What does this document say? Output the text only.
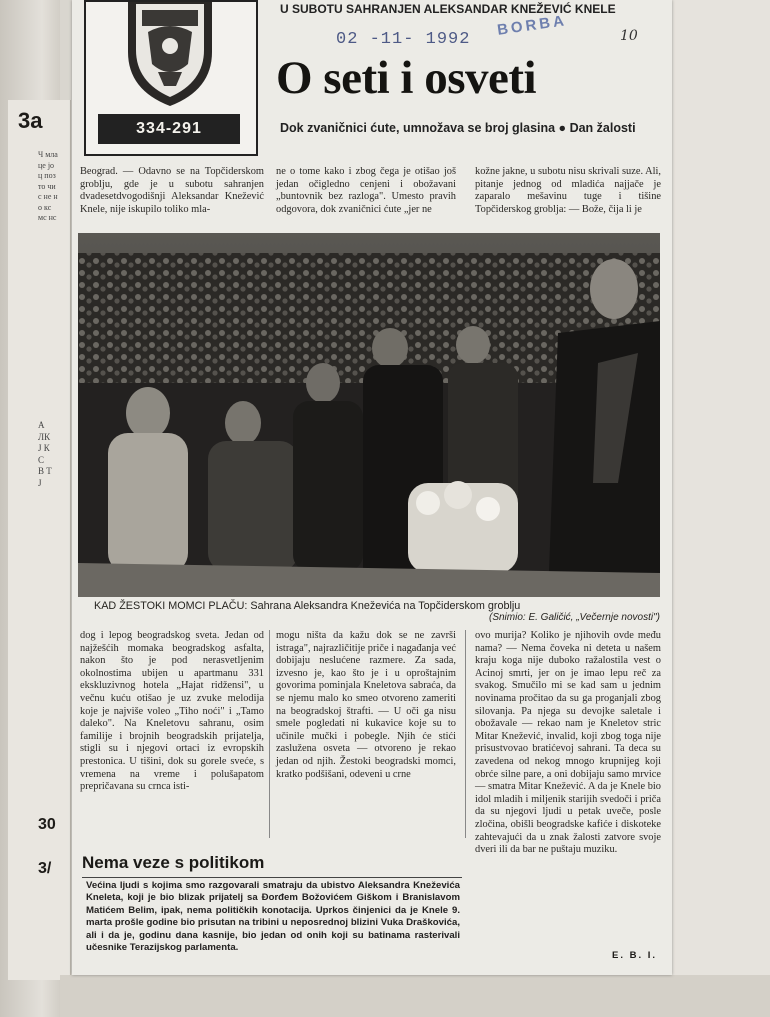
3a
Ч мла це јоц поз то чис не но кс мс нс
А ЛК Ј К С В Т Ј
30
3/
334-291
U SUBOTU SAHRANJEN ALEKSANDAR KNEŽEVIĆ KNELE
02 -11- 1992
BORBA	10
O seti i osveti
Dok zvaničnici ćute, umnožava se broj glasina ● Dan žalosti
Beograd. — Odavno se na Topčiderskom groblju, gde je u subotu sahranjen dvadesetdvogodišnji Aleksandar Knežević Knele, nije iskupilo toliko mla-
ne o tome kako i zbog čega je otišao još jedan očigledno cenjeni i obožavani „buntovnik bez razloga". Umesto pravih odgovora, dok zvaničnici ćute „jer ne
kožne jakne, u subotu nisu skrivali suze. Ali, pitanje jednog od mladića najjače je zaparalo mešavinu tuge i tišine Topčiderskog groblja: — Bože, čija li je
KAD ŽESTOKI MOMCI PLAČU: Sahrana Aleksandra Kneževića na Topčiderskom groblju
(Snimio: E. Galičić, „Večernje novosti")
dog i lepog beogradskog sveta. Jedan od najžešćih momaka beogradskog asfalta, nakon što je pod nerasvetljenim okolnostima ubijen u apartmanu 331 ekskluzivnog hotela „Hajat ridžensi", u večnu kuću otišao je uz zvuke melodija koje je najviše voleo „Tiho noći" i „Tamo daleko". Na Kneletovu sahranu, osim familije i brojnih beogradskih prijatelja, stigli su i njegovi ortaci iz evropskih prestonica. U tišini, dok su gorele sveće, s vremena na vreme i polušapatom prepričavana su crnca isti-
mogu ništa da kažu dok se ne završi istraga", najrazličitije priče i nagađanja već dobijaju neslućene razmere. Za sada, izvesno je, kao što je i u oproštajnim govorima pominjala Kneletova sabraća, da se njemu malo ko smeo otvoreno zameriti na beogradskoj štrafti. — U oči ga nisu smele pogledati ni kukavice koje su to učinile mučki i pobegle. Njih će stići zaslužena osveta — otvoreno je rekao jedan od njih. Žestoki beogradski momci, kratko podšišani, odeveni u crne
ovo murija? Koliko je njihovih ovde među nama? — Nema čoveka ni deteta u našem kraju koga nije duboko ražalostila vest o Acinoj smrti, jer on je imao lepu reč za svakog. Smučilo mi se kad sam u jednim novinama pročitao da su ga proganjali zbog silovanja. Pa njega su devojke saletale i obožavale — rekao nam je Kneletov stric Mitar Knežević, invalid, koji zbog toga nije prisustvovao bratićevoj sahrani. Ta deca su zavedena od nekog mnogo krupnijeg koji obrće silne pare, a oni dobijaju samo mrvice — smatra Mitar Knežević. A da je Knele bio idol mladih i miljenik starijih svedoči i priča da su njegovi ljudi u petak uveče, posle zločina, obišli beogradske kafiće i diskoteke zahtevajući da u znak žalosti zatvore svoje dveri ili da bar ne puštaju muziku.
Nema veze s politikom
Većina ljudi s kojima smo razgovarali smatraju da ubistvo Aleksandra Kneževića Kneleta, koji je bio blizak prijatelj sa Đorđem Božovićem Giškom i Branislavom Matićem Belim, ipak, nema političkih konotacija. Uprkos činjenici da je Knele 9. marta prošle godine bio prisutan na tribini u neposrednoj blizini Vuka Draškovića, ali i da je, godinu dana kasnije, bio jedan od onih koji su batinama rasterivali učesnike Terazijskog parlamenta.
E. B. I.
